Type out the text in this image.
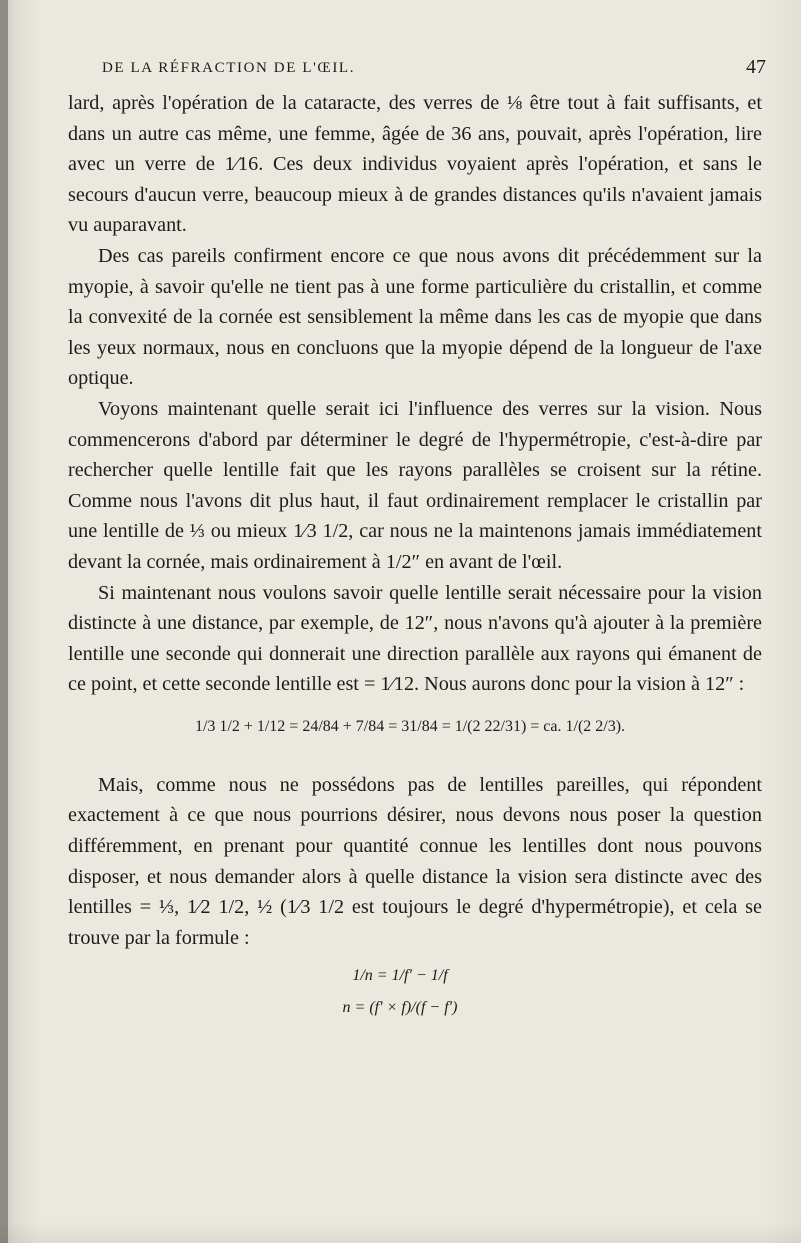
DE LA RÉFRACTION DE L'ŒIL.	47

lard, après l'opération de la cataracte, des verres de ⅛ être tout à fait suffisants, et dans un autre cas même, une femme, âgée de 36 ans, pouvait, après l'opération, lire avec un verre de 1⁄16. Ces deux individus voyaient après l'opération, et sans le secours d'aucun verre, beaucoup mieux à de grandes distances qu'ils n'avaient jamais vu auparavant.

Des cas pareils confirment encore ce que nous avons dit précédemment sur la myopie, à savoir qu'elle ne tient pas à une forme particulière du cristallin, et comme la convexité de la cornée est sensiblement la même dans les cas de myopie que dans les yeux normaux, nous en concluons que la myopie dépend de la longueur de l'axe optique.

Voyons maintenant quelle serait ici l'influence des verres sur la vision. Nous commencerons d'abord par déterminer le degré de l'hypermétropie, c'est-à-dire par rechercher quelle lentille fait que les rayons parallèles se croisent sur la rétine. Comme nous l'avons dit plus haut, il faut ordinairement remplacer le cristallin par une lentille de ⅓ ou mieux 1⁄3 1/2, car nous ne la maintenons jamais immédiatement devant la cornée, mais ordinairement à 1/2″ en avant de l'œil.

Si maintenant nous voulons savoir quelle lentille serait nécessaire pour la vision distincte à une distance, par exemple, de 12″, nous n'avons qu'à ajouter à la première lentille une seconde qui donnerait une direction parallèle aux rayons qui émanent de ce point, et cette seconde lentille est = 1⁄12. Nous aurons donc pour la vision à 12″ :

Mais, comme nous ne possédons pas de lentilles pareilles, qui répondent exactement à ce que nous pourrions désirer, nous devons nous poser la question différemment, en prenant pour quantité connue les lentilles dont nous pouvons disposer, et nous demander alors à quelle distance la vision sera distincte avec des lentilles = ⅓, 1⁄2 1/2, ½ (1⁄3 1/2 est toujours le degré d'hypermétropie), et cela se trouve par la formule :

1/3 1/2 + 1/12 = 24/84 + 7/84 = 31/84 = 1/(2 22/31) = ca. 1/(2 2/3).
1/n = 1/f′ − 1/f
n = (f′ × f)/(f − f′)
